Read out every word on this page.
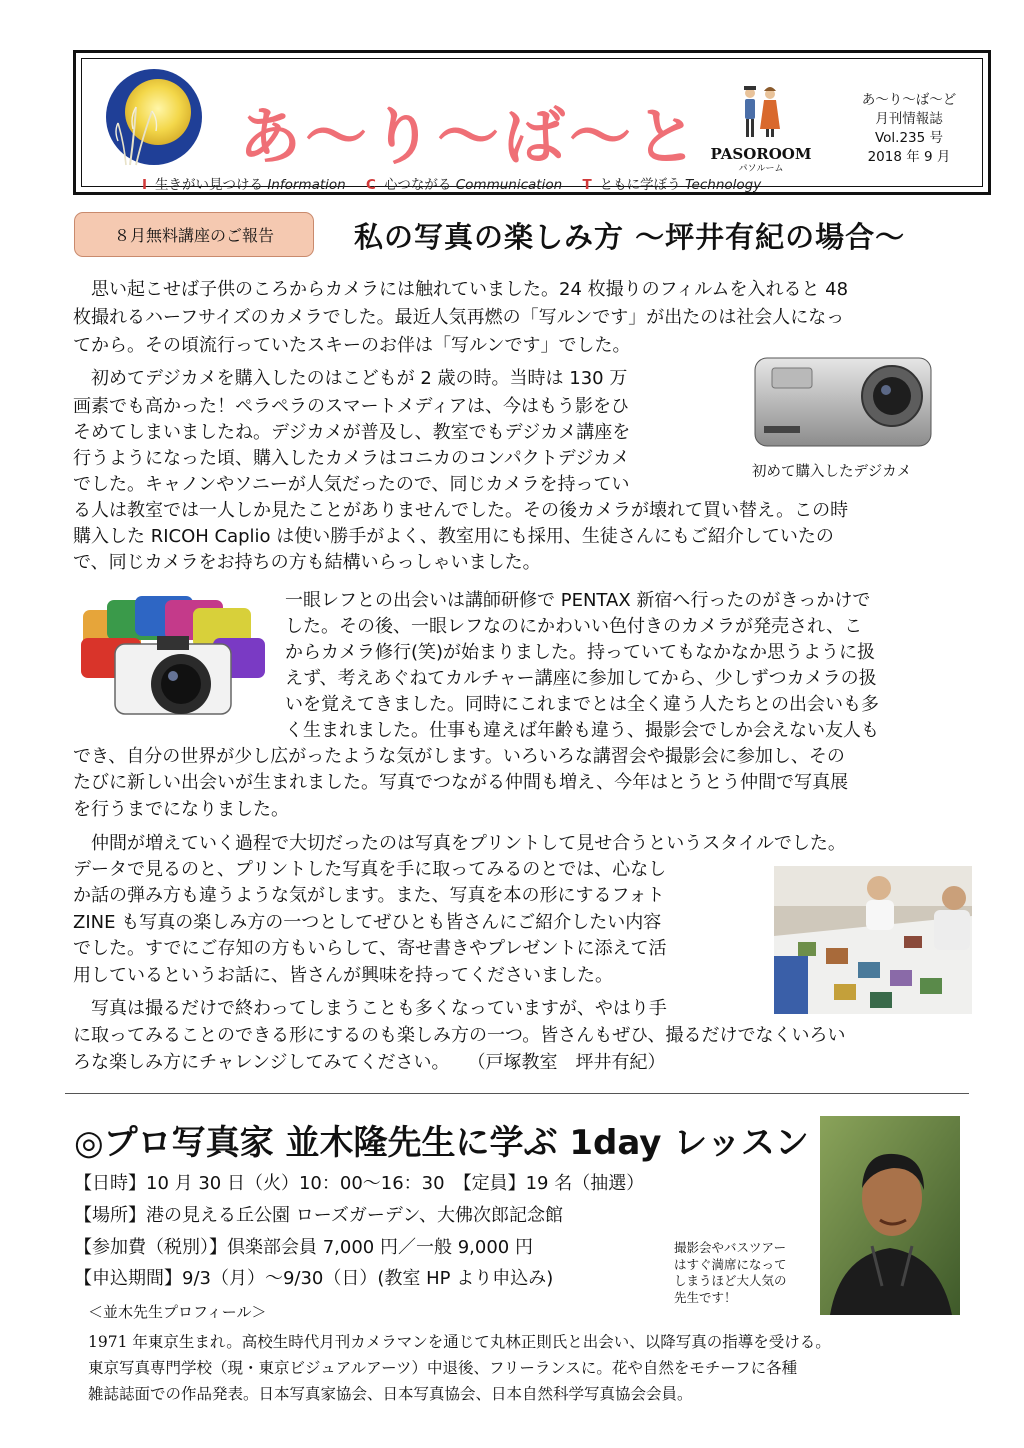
あ～り～ば～と
I 生きがい見つける Information C 心つながる Communication T ともに学ぼう Technology
PASOROOM
パソルーム
あ～り～ば～ど
月刊情報誌
Vol.235 号
2018 年 9 月
８月無料講座のご報告	私の写真の楽しみ方 ～坪井有紀の場合～
　思い起こせば子供のころからカメラには触れていました。24 枚撮りのフィルムを入れると 48
枚撮れるハーフサイズのカメラでした。最近人気再燃の「写ルンです」が出たのは社会人になっ
てから。その頃流行っていたスキーのお伴は「写ルンです」でした。
　初めてデジカメを購入したのはこどもが 2 歳の時。当時は 130 万
画素でも高かった！ペラペラのスマートメディアは、今はもう影をひ
そめてしまいましたね。デジカメが普及し、教室でもデジカメ講座を
行うようになった頃、購入したカメラはコニカのコンパクトデジカメ
でした。キャノンやソニーが人気だったので、同じカメラを持ってい
る人は教室では一人しか見たことがありませんでした。その後カメラが壊れて買い替え。この時
購入した RICOH Caplio は使い勝手がよく、教室用にも採用、生徒さんにもご紹介していたの
で、同じカメラをお持ちの方も結構いらっしゃいました。
初めて購入したデジカメ
一眼レフとの出会いは講師研修で PENTAX 新宿へ行ったのがきっかけで
した。その後、一眼レフなのにかわいい色付きのカメラが発売され、こ
からカメラ修行(笑)が始まりました。持っていてもなかなか思うように扱
えず、考えあぐねてカルチャー講座に参加してから、少しずつカメラの扱
いを覚えてきました。同時にこれまでとは全く違う人たちとの出会いも多
く生まれました。仕事も違えば年齢も違う、撮影会でしか会えない友人も
でき、自分の世界が少し広がったような気がします。いろいろな講習会や撮影会に参加し、その
たびに新しい出会いが生まれました。写真でつながる仲間も増え、今年はとうとう仲間で写真展
を行うまでになりました。
　仲間が増えていく過程で大切だったのは写真をプリントして見せ合うというスタイルでした。
データで見るのと、プリントした写真を手に取ってみるのとでは、心なし
か話の弾み方も違うような気がします。また、写真を本の形にするフォト
ZINE も写真の楽しみ方の一つとしてぜひとも皆さんにご紹介したい内容
でした。すでにご存知の方もいらして、寄せ書きやプレゼントに添えて活
用しているというお話に、皆さんが興味を持ってくださいました。
　写真は撮るだけで終わってしまうことも多くなっていますが、やはり手
に取ってみることのできる形にするのも楽しみ方の一つ。皆さんもぜひ、撮るだけでなくいろい
ろな楽しみ方にチャレンジしてみてください。　　（戸塚教室　坪井有紀）
◎プロ写真家 並木隆先生に学ぶ 1day レッスン
【日時】10 月 30 日（火）10：00～16：30　【定員】19 名（抽選）
【場所】港の見える丘公園 ローズガーデン、大佛次郎記念館
【参加費（税別）】倶楽部会員 7,000 円／一般 9,000 円
【申込期間】9/3（月）～9/30（日）(教室 HP より申込み)
撮影会やバスツアー
はすぐ満席になって
しまうほど大人気の
先生です！
＜並木先生プロフィール＞
1971 年東京生まれ。高校生時代月刊カメラマンを通じて丸林正則氏と出会い、以降写真の指導を受ける。
東京写真専門学校（現・東京ビジュアルアーツ）中退後、フリーランスに。花や自然をモチーフに各種
雑誌誌面での作品発表。日本写真家協会、日本写真協会、日本自然科学写真協会会員。
